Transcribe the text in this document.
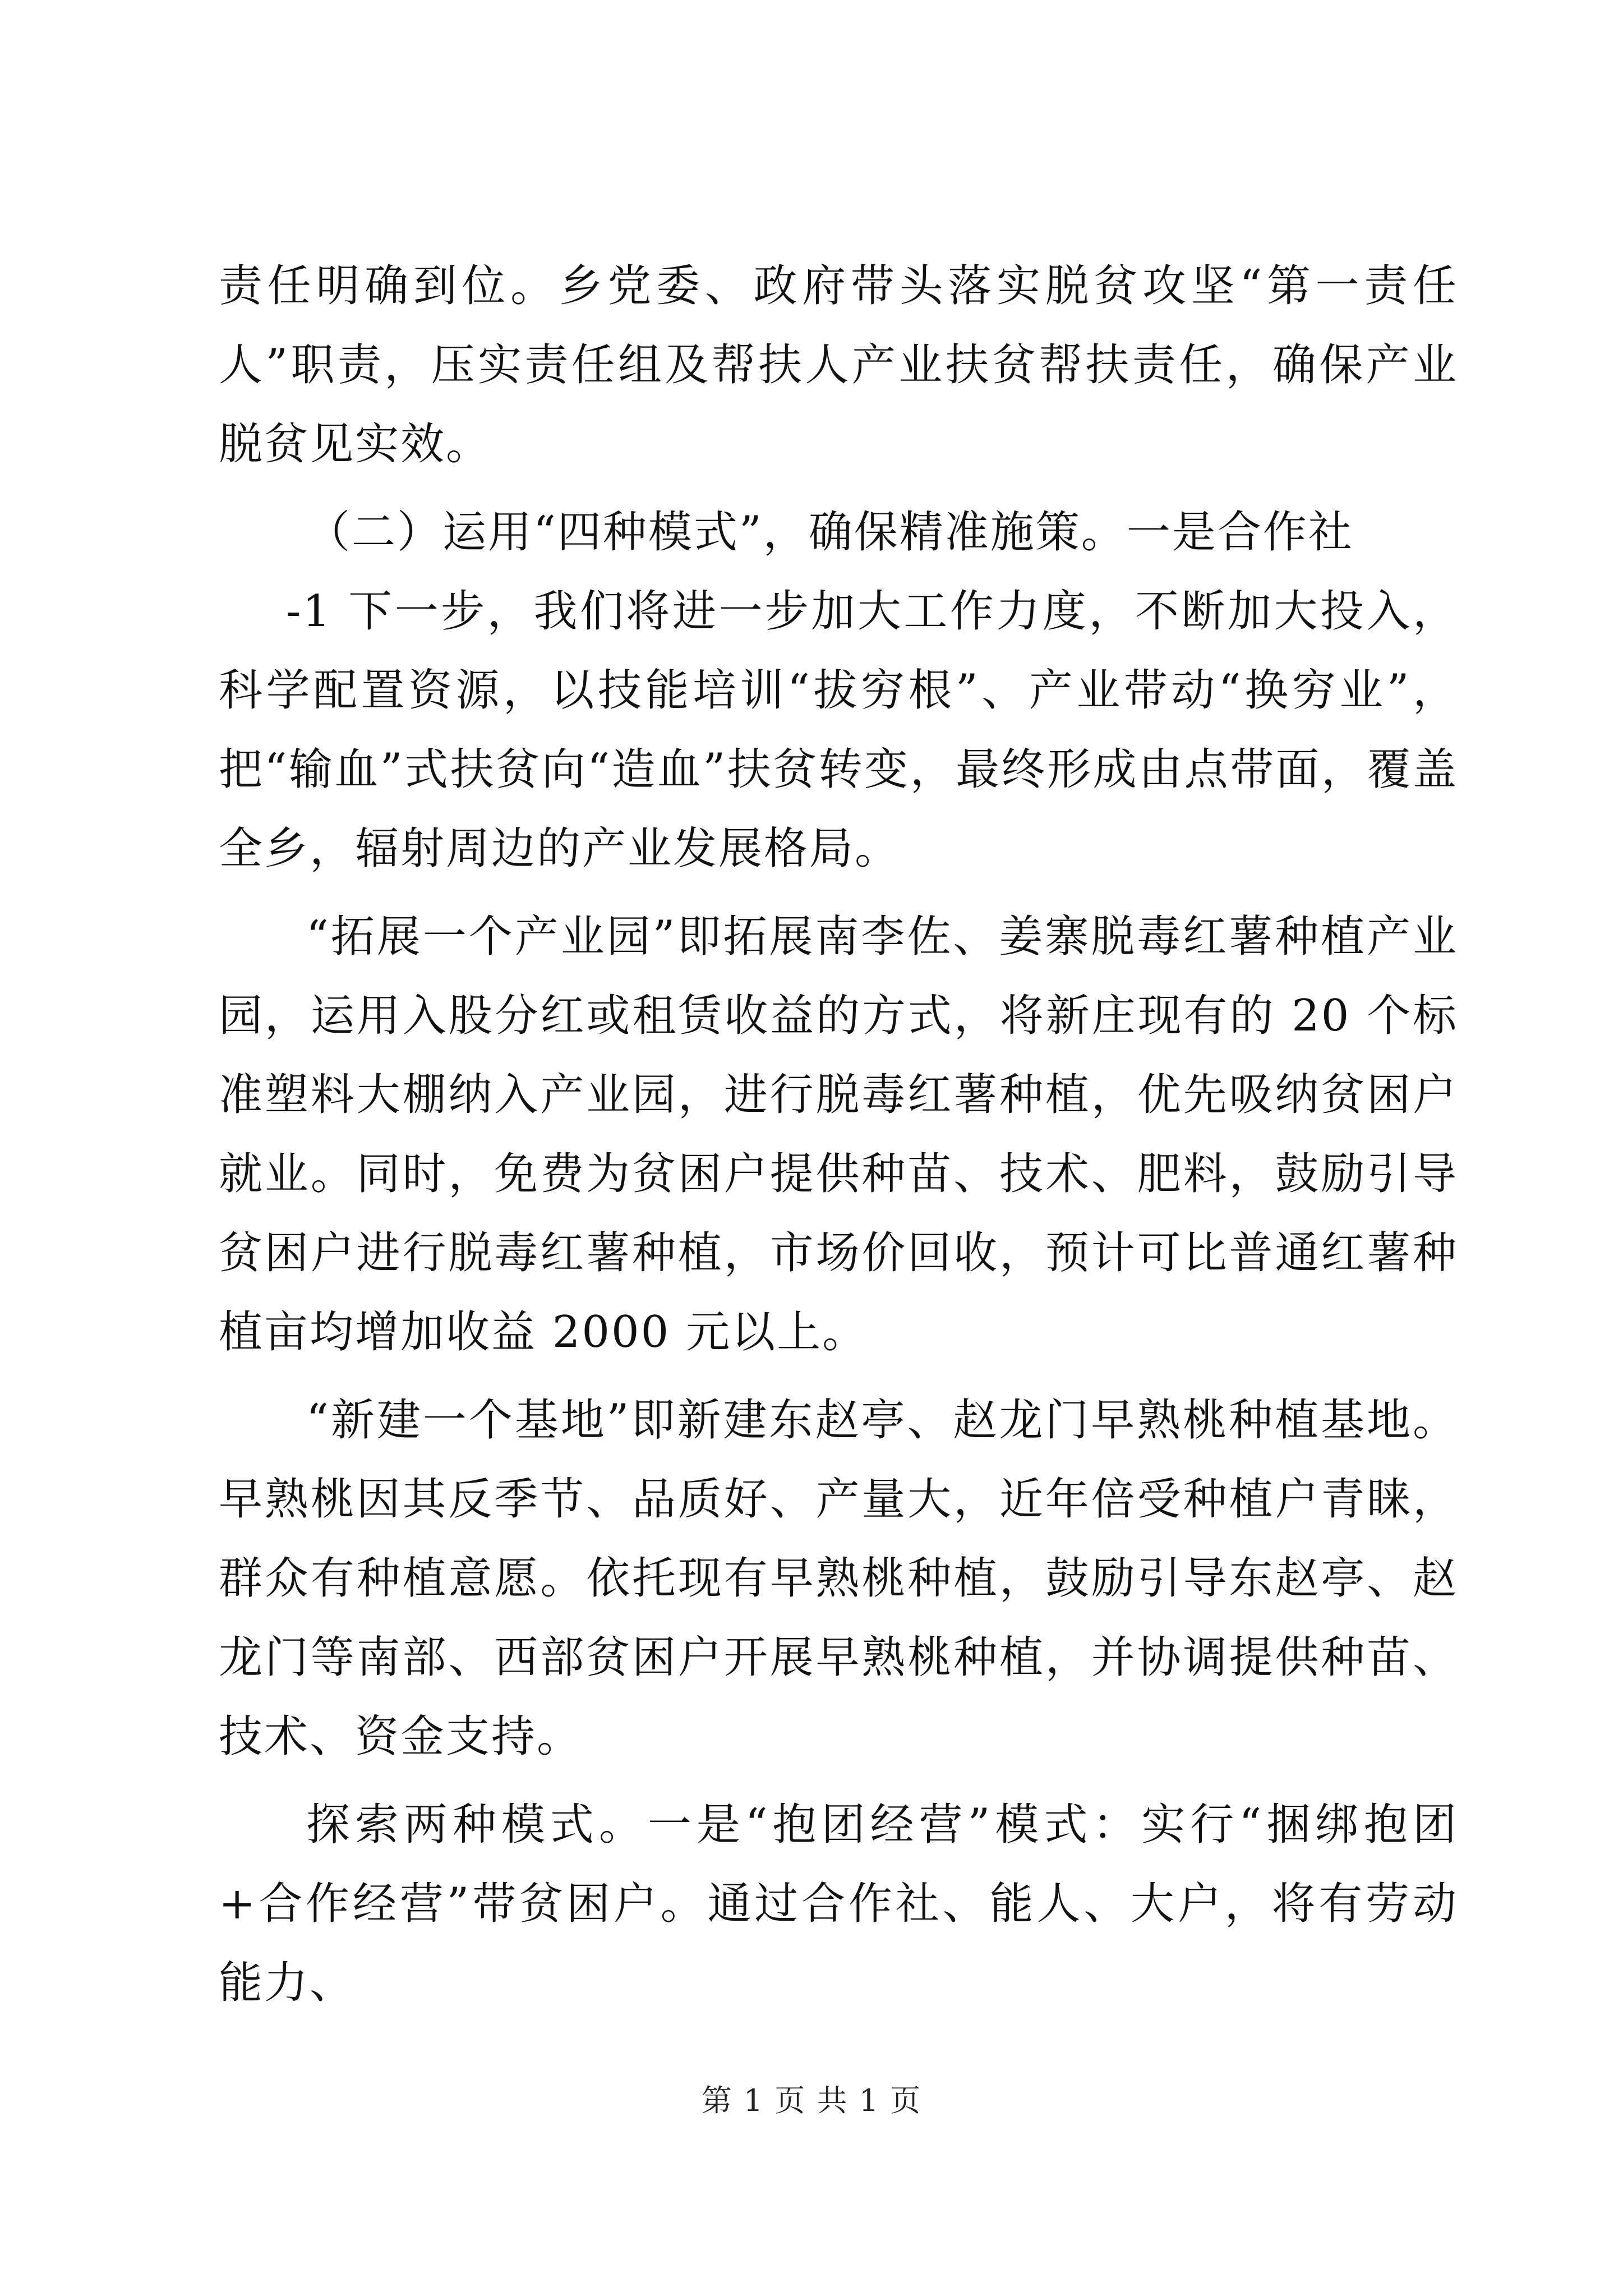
责任明确到位。乡党委、政府带头落实脱贫攻坚“第一责任人”职责，压实责任组及帮扶人产业扶贫帮扶责任，确保产业脱贫见实效。

（二）运用“四种模式”，确保精准施策。一是合作社

-1 下一步，我们将进一步加大工作力度，不断加大投入，科学配置资源，以技能培训“拔穷根”、产业带动“换穷业”，把“输血”式扶贫向“造血”扶贫转变，最终形成由点带面，覆盖全乡，辐射周边的产业发展格局。

“拓展一个产业园”即拓展南李佐、姜寨脱毒红薯种植产业园，运用入股分红或租赁收益的方式，将新庄现有的 20 个标准塑料大棚纳入产业园，进行脱毒红薯种植，优先吸纳贫困户就业。同时，免费为贫困户提供种苗、技术、肥料，鼓励引导贫困户进行脱毒红薯种植，市场价回收，预计可比普通红薯种植亩均增加收益 2000 元以上。

“新建一个基地”即新建东赵亭、赵龙门早熟桃种植基地。早熟桃因其反季节、品质好、产量大，近年倍受种植户青睐，群众有种植意愿。依托现有早熟桃种植，鼓励引导东赵亭、赵龙门等南部、西部贫困户开展早熟桃种植，并协调提供种苗、技术、资金支持。

探索两种模式。一是“抱团经营”模式：实行“捆绑抱团+合作经营”带贫困户。通过合作社、能人、大户，将有劳动能力、

第 1 页 共 1 页
